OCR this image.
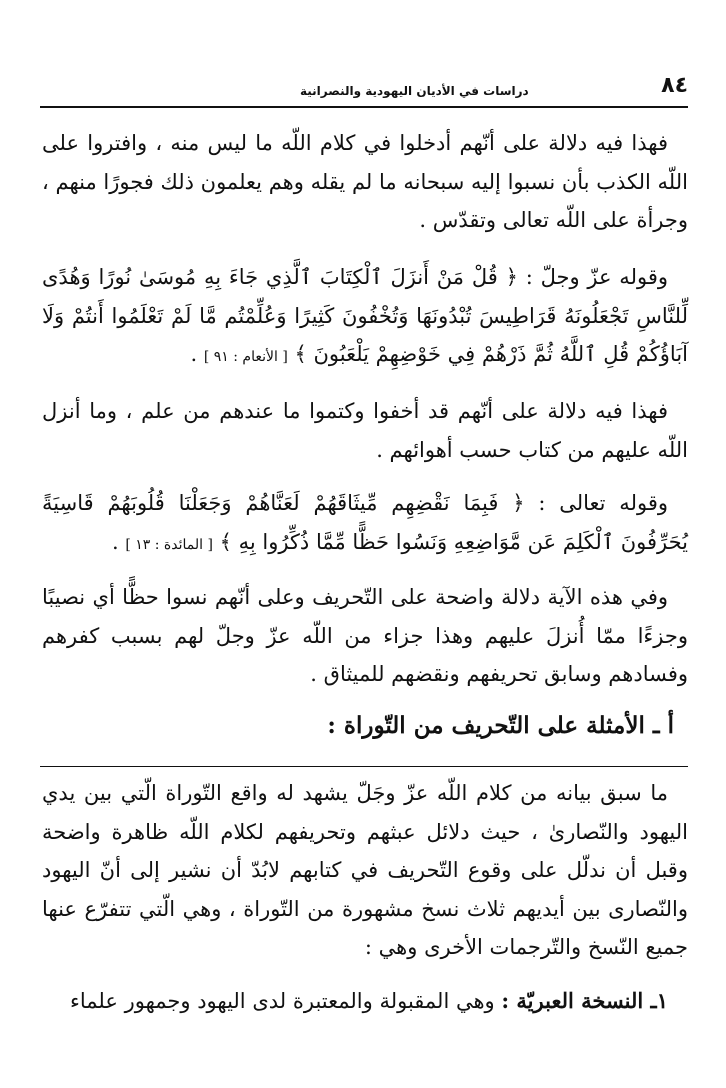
٨٤
دراسات في الأديان اليهودية والنصرانية

فهذا فيه دلالة على أنّهم أدخلوا في كلام اللّه ما ليس منه ، وافتروا على اللّه الكذب بأن نسبوا إليه سبحانه ما لم يقله وهم يعلمون ذلك فجورًا منهم ، وجرأة على اللّه تعالى وتقدّس .

وقوله عزّ وجلّ : ﴿ قُلْ مَنْ أَنزَلَ ٱلْكِتَابَ ٱلَّذِي جَاءَ بِهِ مُوسَىٰ نُورًا وَهُدًى لِّلنَّاسِ تَجْعَلُونَهُ قَرَاطِيسَ تُبْدُونَهَا وَتُخْفُونَ كَثِيرًا وَعُلِّمْتُم مَّا لَمْ تَعْلَمُوا أَنتُمْ وَلَا آبَاؤُكُمْ قُلِ ٱللَّهُ ثُمَّ ذَرْهُمْ فِي خَوْضِهِمْ يَلْعَبُونَ ﴾ [ الأنعام : ٩١ ] .

فهذا فيه دلالة على أنّهم قد أخفوا وكتموا ما عندهم من علم ، وما أنزل اللّه عليهم من كتاب حسب أهوائهم .

وقوله تعالى : ﴿ فَبِمَا نَقْضِهِم مِّيثَاقَهُمْ لَعَنَّاهُمْ وَجَعَلْنَا قُلُوبَهُمْ قَاسِيَةً يُحَرِّفُونَ ٱلْكَلِمَ عَن مَّوَاضِعِهِ وَنَسُوا حَظًّا مِّمَّا ذُكِّرُوا بِهِ ﴾ [ المائدة : ١٣ ] .

وفي هذه الآية دلالة واضحة على التّحريف وعلى أنّهم نسوا حظًّا أي نصيبًا وجزءًا ممّا أُنزلَ عليهم وهذا جزاء من اللّه عزّ وجلّ لهم بسبب كفرهم وفسادهم وسابق تحريفهم ونقضهم للميثاق .

أ ـ الأمثلة على التّحريف من التّوراة :

ما سبق بيانه من كلام اللّه عزّ وجَلّ يشهد له واقع التّوراة الّتي بين يدي اليهود والنّصارىٰ ، حيث دلائل عبثهم وتحريفهم لكلام اللّه ظاهرة واضحة وقبل أن ندلّل على وقوع التّحريف في كتابهم لابُدّ أن نشير إلى أنّ اليهود والنّصارى بين أيديهم ثلاث نسخ مشهورة من التّوراة ، وهي الّتي تتفرّع عنها جميع النّسخ والتّرجمات الأخرى وهي :

١ـ النسخة العبريّة : وهي المقبولة والمعتبرة لدى اليهود وجمهور علماء
